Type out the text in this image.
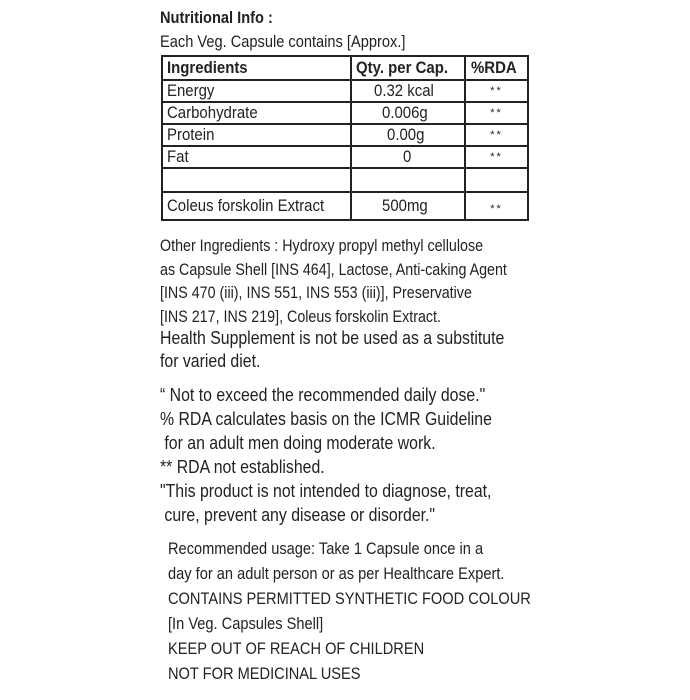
Nutritional Info :
Each Veg. Capsule contains [Approx.]
Ingredients	Qty. per Cap.	%RDA
Energy	0.32 kcal	**
Carbohydrate	0.006g	**
Protein	0.00g	**
Fat	0	**

Coleus forskolin Extract	500mg	**
Other Ingredients : Hydroxy propyl methyl cellulose
as Capsule Shell [INS 464], Lactose, Anti-caking Agent
[INS 470 (iii), INS 551, INS 553 (iii)], Preservative
[INS 217, INS 219], Coleus forskolin Extract.
Health Supplement is not be used as a substitute
for varied diet.
“ Not to exceed the recommended daily dose."
% RDA calculates basis on the ICMR Guideline
for an adult men doing moderate work.
** RDA not established.
"This product is not intended to diagnose, treat,
cure, prevent any disease or disorder."
Recommended usage: Take 1 Capsule once in a
day for an adult person or as per Healthcare Expert.
CONTAINS PERMITTED SYNTHETIC FOOD COLOUR
[In Veg. Capsules Shell]
KEEP OUT OF REACH OF CHILDREN
NOT FOR MEDICINAL USES
